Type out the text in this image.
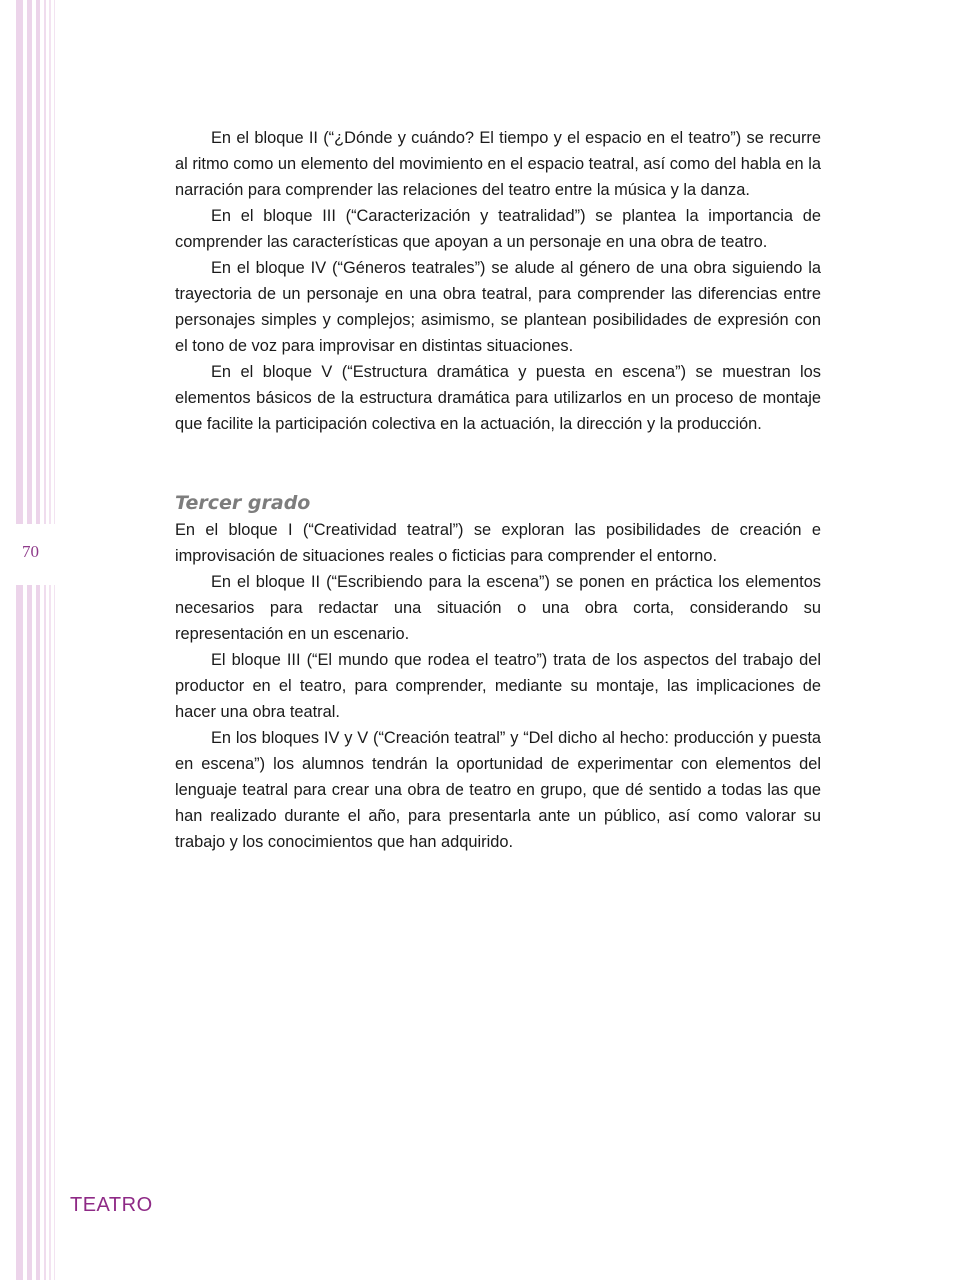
70

En el bloque II (“¿Dónde y cuándo? El tiempo y el espacio en el teatro”) se recurre al ritmo como un elemento del movimiento en el espacio teatral, así como del habla en la narración para comprender las relaciones del teatro entre la música y la danza.

En el bloque III (“Caracterización y teatralidad”) se plantea la importancia de comprender las características que apoyan a un personaje en una obra de teatro.

En el bloque IV (“Géneros teatrales”) se alude al género de una obra siguiendo la trayectoria de un personaje en una obra teatral, para comprender las diferencias entre personajes simples y complejos; asimismo, se plantean posibilidades de expresión con el tono de voz para improvisar en distintas situaciones.

En el bloque V (“Estructura dramática y puesta en escena”) se muestran los elementos básicos de la estructura dramática para utilizarlos en un proceso de montaje que facilite la participación colectiva en la actuación, la dirección y la producción.

Tercer grado

En el bloque I (“Creatividad teatral”) se exploran las posibilidades de creación e improvisación de situaciones reales o ficticias para comprender el entorno.

En el bloque II (“Escribiendo para la escena”) se ponen en práctica los elementos necesarios para redactar una situación o una obra corta, considerando su representación en un escenario.

El bloque III (“El mundo que rodea el teatro”) trata de los aspectos del trabajo del productor en el teatro, para comprender, mediante su montaje, las implicaciones de hacer una obra teatral.

En los bloques IV y V (“Creación teatral” y “Del dicho al hecho: producción y puesta en escena”) los alumnos tendrán la oportunidad de experimentar con elementos del lenguaje teatral para crear una obra de teatro en grupo, que dé sentido a todas las que han realizado durante el año, para presentarla ante un público, así como valorar su trabajo y los conocimientos que han adquirido.

TEATRO
